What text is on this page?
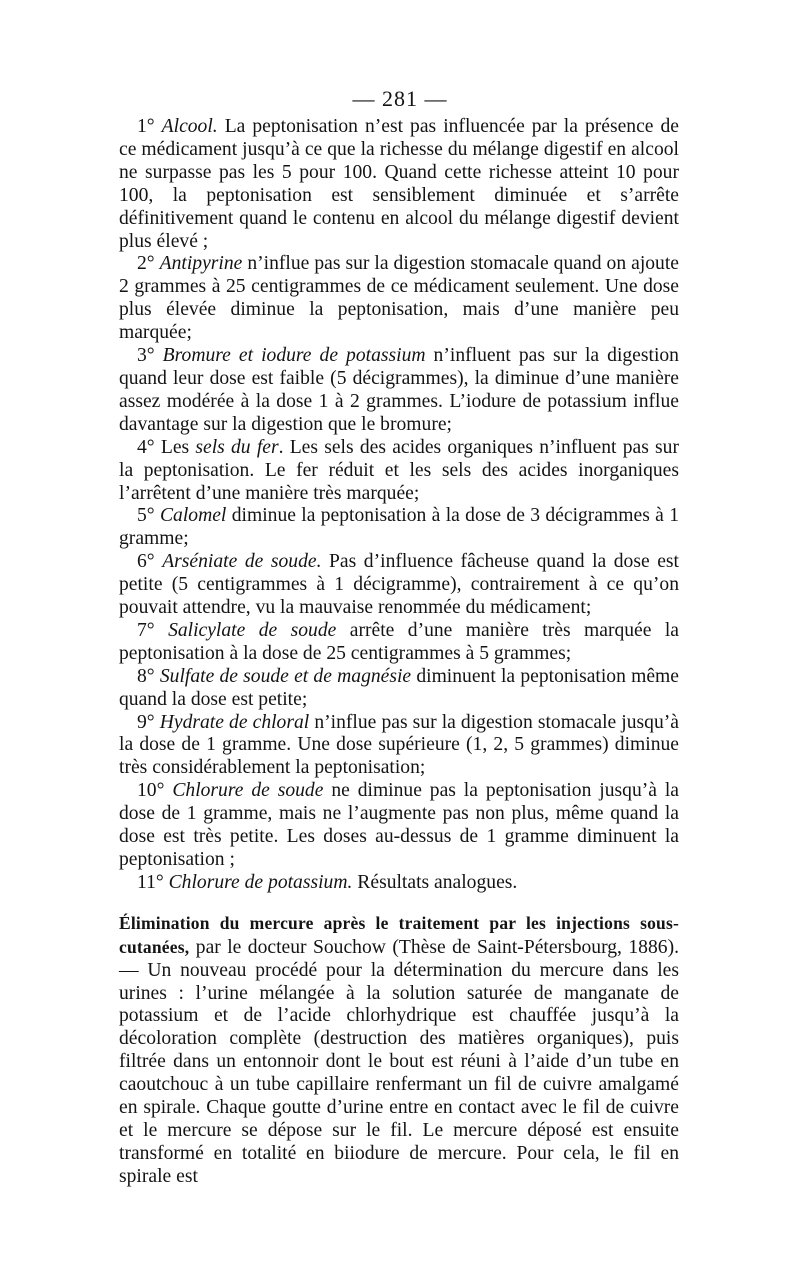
— 281 —

1° Alcool. La peptonisation n’est pas influencée par la présence de ce médicament jusqu’à ce que la richesse du mélange digestif en alcool ne surpasse pas les 5 pour 100. Quand cette richesse atteint 10 pour 100, la peptonisation est sensiblement diminuée et s’arrête définitivement quand le contenu en alcool du mélange digestif devient plus élevé ;

2° Antipyrine n’influe pas sur la digestion stomacale quand on ajoute 2 grammes à 25 centigrammes de ce médicament seulement. Une dose plus élevée diminue la peptonisation, mais d’une manière peu marquée;

3° Bromure et iodure de potassium n’influent pas sur la digestion quand leur dose est faible (5 décigrammes), la diminue d’une manière assez modérée à la dose 1 à 2 grammes. L’iodure de potassium influe davantage sur la digestion que le bromure;

4° Les sels du fer. Les sels des acides organiques n’influent pas sur la peptonisation. Le fer réduit et les sels des acides inorganiques l’arrêtent d’une manière très marquée;

5° Calomel diminue la peptonisation à la dose de 3 décigrammes à 1 gramme;

6° Arséniate de soude. Pas d’influence fâcheuse quand la dose est petite (5 centigrammes à 1 décigramme), contrairement à ce qu’on pouvait attendre, vu la mauvaise renommée du médicament;

7° Salicylate de soude arrête d’une manière très marquée la peptonisation à la dose de 25 centigrammes à 5 grammes;

8° Sulfate de soude et de magnésie diminuent la peptonisation même quand la dose est petite;

9° Hydrate de chloral n’influe pas sur la digestion stomacale jusqu’à la dose de 1 gramme. Une dose supérieure (1, 2, 5 grammes) diminue très considérablement la peptonisation;

10° Chlorure de soude ne diminue pas la peptonisation jusqu’à la dose de 1 gramme, mais ne l’augmente pas non plus, même quand la dose est très petite. Les doses au-dessus de 1 gramme diminuent la peptonisation ;

11° Chlorure de potassium. Résultats analogues.

Élimination du mercure après le traitement par les injections sous-cutanées, par le docteur Souchow (Thèse de Saint-Pétersbourg, 1886). — Un nouveau procédé pour la détermination du mercure dans les urines : l’urine mélangée à la solution saturée de manganate de potassium et de l’acide chlorhydrique est chauffée jusqu’à la décoloration complète (destruction des matières organiques), puis filtrée dans un entonnoir dont le bout est réuni à l’aide d’un tube en caoutchouc à un tube capillaire renfermant un fil de cuivre amalgamé en spirale. Chaque goutte d’urine entre en contact avec le fil de cuivre et le mercure se dépose sur le fil. Le mercure déposé est ensuite transformé en totalité en biiodure de mercure. Pour cela, le fil en spirale est
